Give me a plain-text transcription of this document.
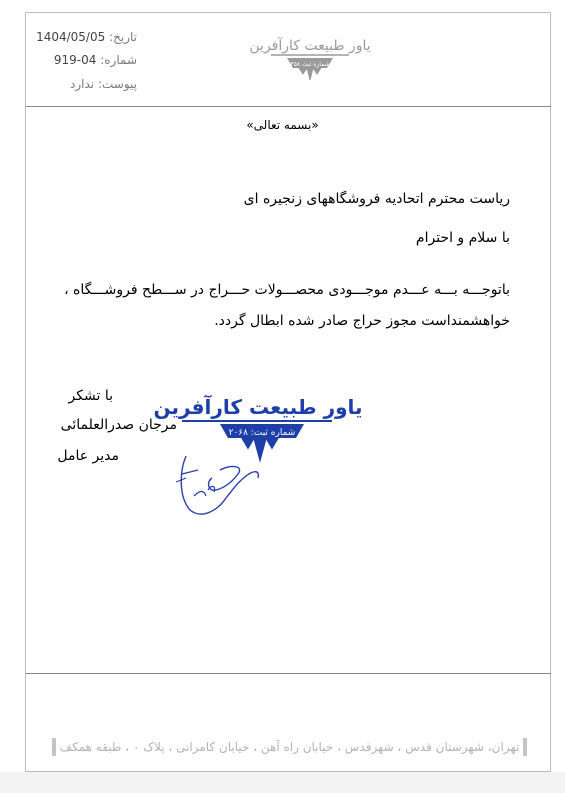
تاریخ: 1404/05/05
شماره: 919-04
پیوست: ندارد
یاور طبیعت کارآفرین
شماره ثبت ۴۵۸
«بسمه تعالی»
ریاست محترم اتحادیه فروشگاههای زنجیره ای
با سلام و احترام
باتوجـــه بـــه عـــدم موجـــودی محصـــولات حـــراج در ســـطح فروشـــگاه ،
خواهشمنداست مجوز حراج صادر شده ابطال گردد.
با تشکر
مرجان صدرالعلمائی
مدیر عامل
یاور طبیعت کارآفرین
شماره ثبت: ۲۰۶۸
تهران، شهرستان قدس ، شهرقدس ، خیابان راه آهن ، خیابان کامرانی ، پلاک ۰ ، طبقه همکف
